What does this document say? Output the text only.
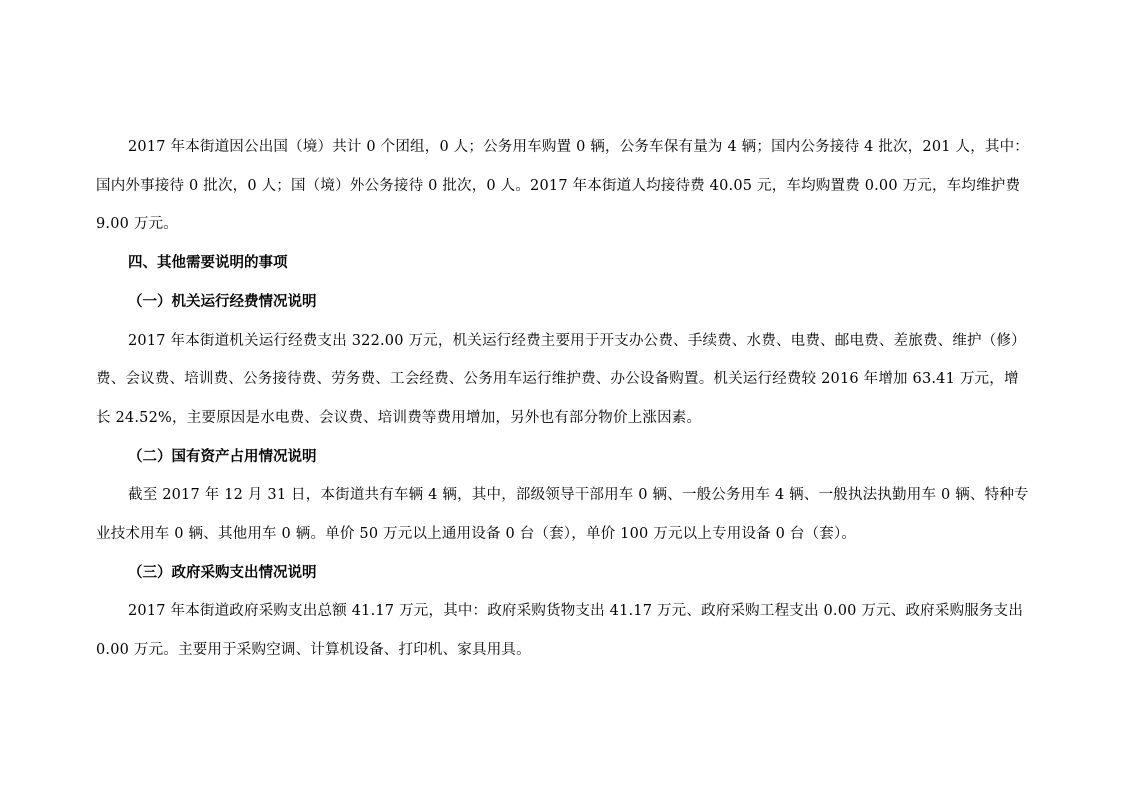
2017 年本街道因公出国（境）共计 0 个团组，0 人；公务用车购置 0 辆，公务车保有量为 4 辆；国内公务接待 4 批次，201 人，其中：国内外事接待 0 批次，0 人；国（境）外公务接待 0 批次，0 人。2017 年本街道人均接待费 40.05 元，车均购置费 0.00 万元，车均维护费 9.00 万元。

四、其他需要说明的事项

（一）机关运行经费情况说明

2017 年本街道机关运行经费支出 322.00 万元，机关运行经费主要用于开支办公费、手续费、水费、电费、邮电费、差旅费、维护（修）费、会议费、培训费、公务接待费、劳务费、工会经费、公务用车运行维护费、办公设备购置。机关运行经费较 2016 年增加 63.41 万元，增长 24.52%，主要原因是水电费、会议费、培训费等费用增加，另外也有部分物价上涨因素。

（二）国有资产占用情况说明

截至 2017 年 12 月 31 日，本街道共有车辆 4 辆，其中，部级领导干部用车 0 辆、一般公务用车 4 辆、一般执法执勤用车 0 辆、特种专业技术用车 0 辆、其他用车 0 辆。单价 50 万元以上通用设备 0 台（套），单价 100 万元以上专用设备 0 台（套）。

（三）政府采购支出情况说明

2017 年本街道政府采购支出总额 41.17 万元，其中：政府采购货物支出 41.17 万元、政府采购工程支出 0.00 万元、政府采购服务支出 0.00 万元。主要用于采购空调、计算机设备、打印机、家具用具。
